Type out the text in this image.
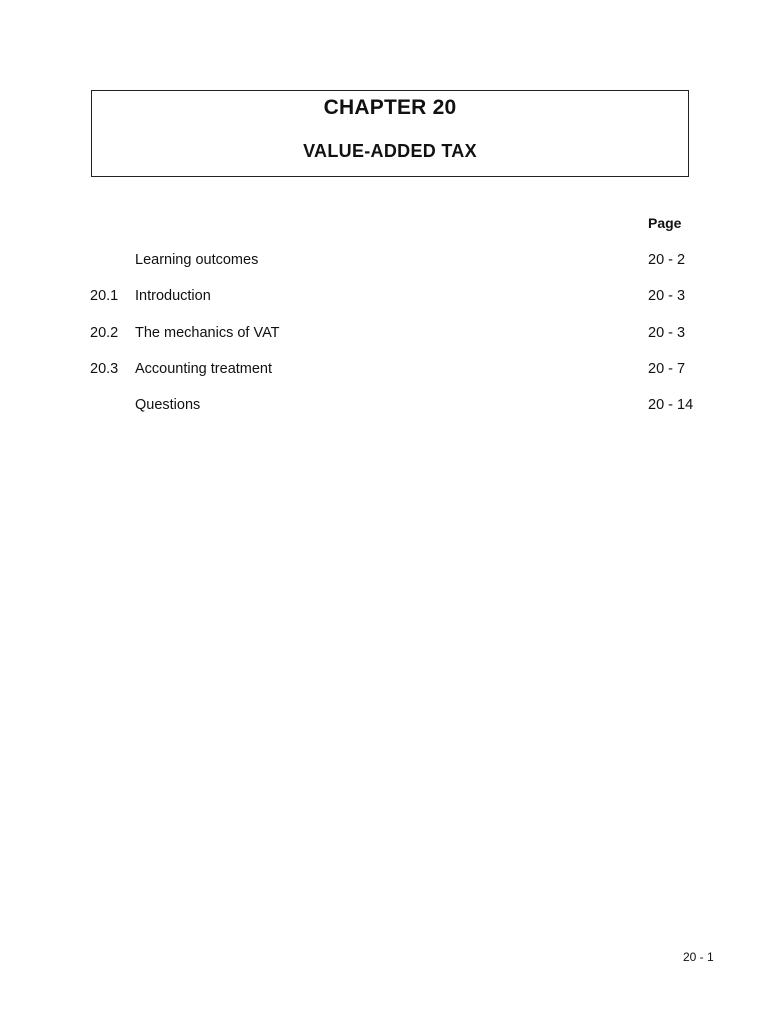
CHAPTER 20
VALUE-ADDED TAX
Page
Learning outcomes	20 - 2
20.1 Introduction	20 - 3
20.2 The mechanics of VAT	20 - 3
20.3 Accounting treatment	20 - 7
Questions	20 - 14
20 - 1
